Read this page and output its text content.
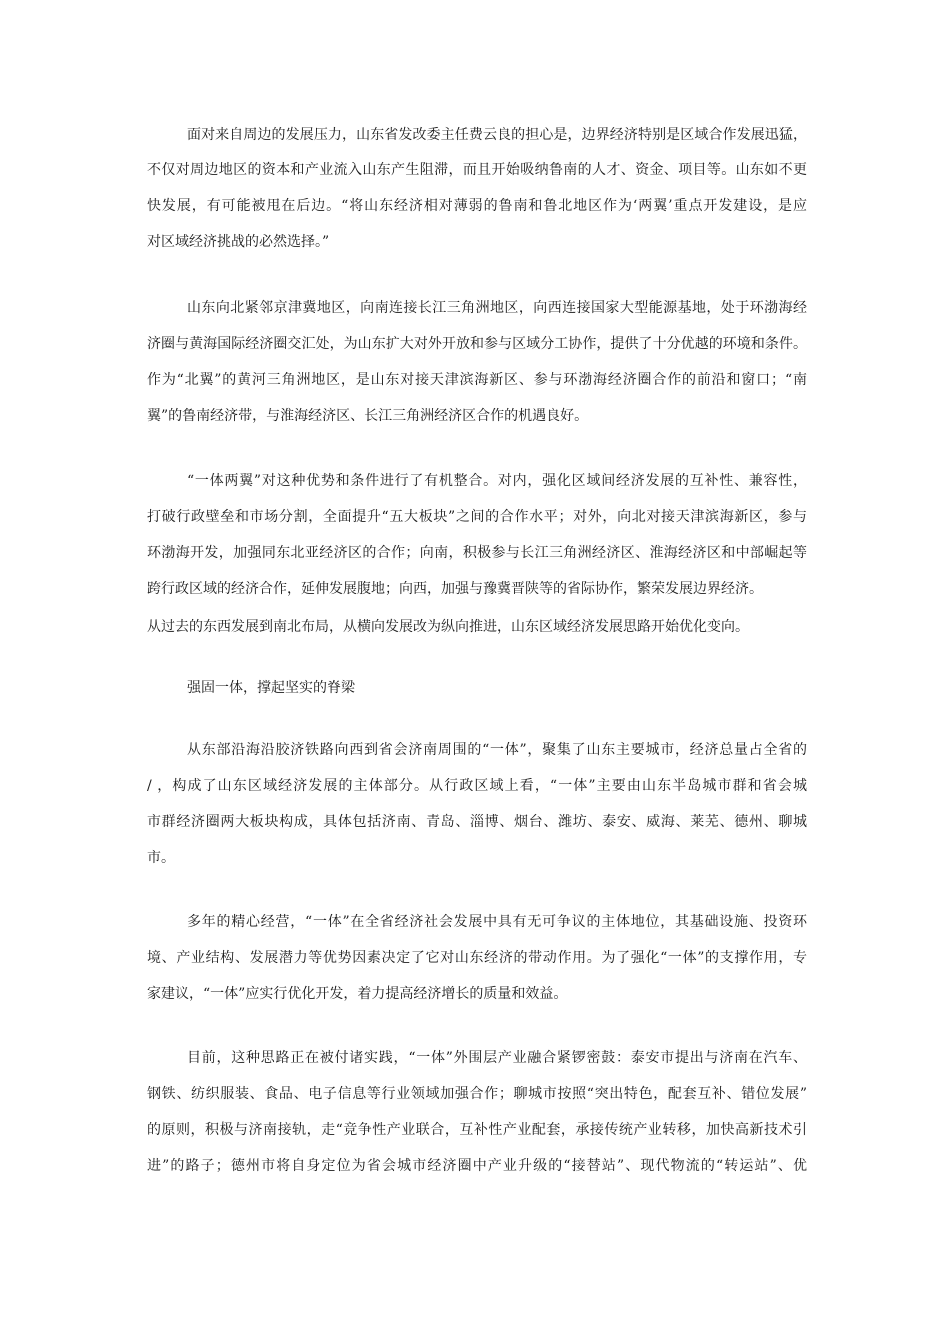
面对来自周边的发展压力，山东省发改委主任费云良的担心是，边界经济特别是区域合作发展迅猛，
不仅对周边地区的资本和产业流入山东产生阻滞，而且开始吸纳鲁南的人才、资金、项目等。山东如不更
快发展，有可能被甩在后边。“将山东经济相对薄弱的鲁南和鲁北地区作为‘两翼’重点开发建设，是应
对区域经济挑战的必然选择。”
山东向北紧邻京津冀地区，向南连接长江三角洲地区，向西连接国家大型能源基地，处于环渤海经
济圈与黄海国际经济圈交汇处，为山东扩大对外开放和参与区域分工协作，提供了十分优越的环境和条件。
作为“北翼”的黄河三角洲地区，是山东对接天津滨海新区、参与环渤海经济圈合作的前沿和窗口；“南
翼”的鲁南经济带，与淮海经济区、长江三角洲经济区合作的机遇良好。
“一体两翼”对这种优势和条件进行了有机整合。对内，强化区域间经济发展的互补性、兼容性，
打破行政壁垒和市场分割，全面提升“五大板块”之间的合作水平；对外，向北对接天津滨海新区，参与
环渤海开发，加强同东北亚经济区的合作；向南，积极参与长江三角洲经济区、淮海经济区和中部崛起等
跨行政区域的经济合作，延伸发展腹地；向西，加强与豫冀晋陕等的省际协作，繁荣发展边界经济。
从过去的东西发展到南北布局，从横向发展改为纵向推进，山东区域经济发展思路开始优化变向。
强固一体，撑起坚实的脊梁
从东部沿海沿胶济铁路向西到省会济南周围的“一体”，聚集了山东主要城市，经济总量占全省的
/ ，构成了山东区域经济发展的主体部分。从行政区域上看，“一体”主要由山东半岛城市群和省会城
市群经济圈两大板块构成，具体包括济南、青岛、淄博、烟台、潍坊、泰安、威海、莱芜、德州、聊城
市。
多年的精心经营，“一体”在全省经济社会发展中具有无可争议的主体地位，其基础设施、投资环
境、产业结构、发展潜力等优势因素决定了它对山东经济的带动作用。为了强化“一体”的支撑作用，专
家建议，“一体”应实行优化开发，着力提高经济增长的质量和效益。
目前，这种思路正在被付诸实践，“一体”外围层产业融合紧锣密鼓：泰安市提出与济南在汽车、
钢铁、纺织服装、食品、电子信息等行业领域加强合作；聊城市按照“突出特色，配套互补、错位发展”
的原则，积极与济南接轨，走“竞争性产业联合，互补性产业配套，承接传统产业转移，加快高新技术引
进”的路子；德州市将自身定位为省会城市经济圈中产业升级的“接替站”、现代物流的“转运站”、优
